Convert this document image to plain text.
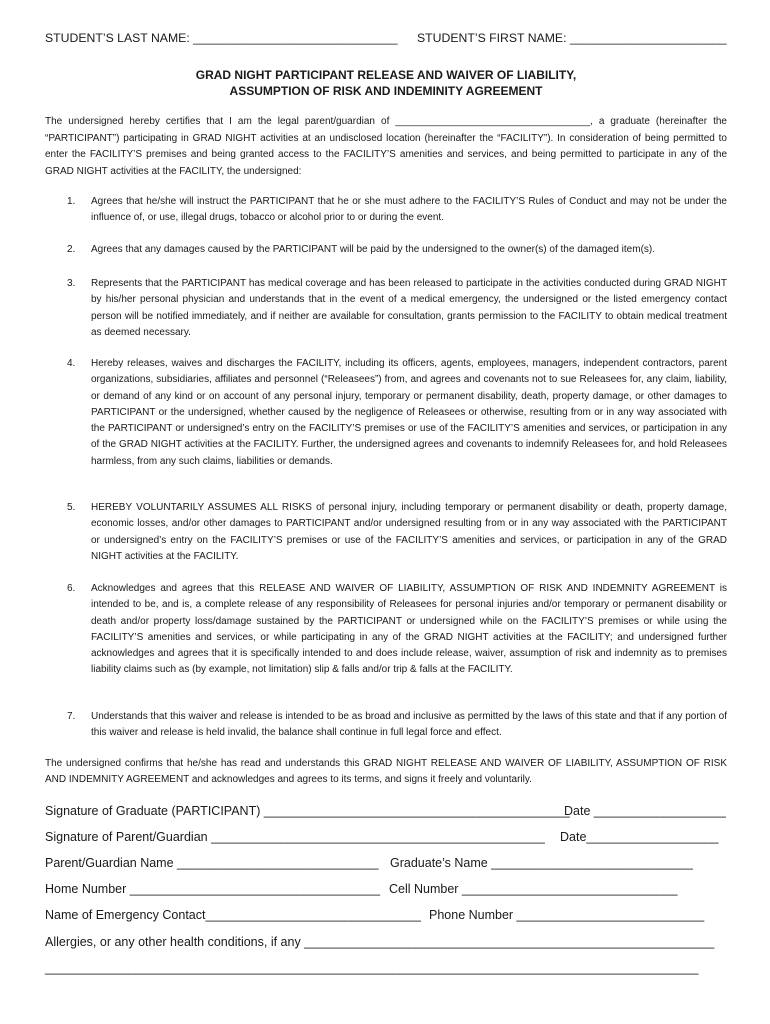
STUDENT’S LAST NAME: ______________________________ STUDENT’S FIRST NAME: _______________________
GRAD NIGHT PARTICIPANT RELEASE AND WAIVER OF LIABILITY,
ASSUMPTION OF RISK AND INDEMINITY AGREEMENT
The undersigned hereby certifies that I am the legal parent/guardian of ___________________________________, a graduate (hereinafter the “PARTICIPANT”) participating in GRAD NIGHT activities at an undisclosed location (hereinafter the “FACILITY”). In consideration of being permitted to enter the FACILITY’S premises and being granted access to the FACILITY’S amenities and services, and being permitted to participate in any of the GRAD NIGHT activities at the FACILITY, the undersigned:
1. Agrees that he/she will instruct the PARTICIPANT that he or she must adhere to the FACILITY’S Rules of Conduct and may not be under the influence of, or use, illegal drugs, tobacco or alcohol prior to or during the event.
2. Agrees that any damages caused by the PARTICIPANT will be paid by the undersigned to the owner(s) of the damaged item(s).
3. Represents that the PARTICIPANT has medical coverage and has been released to participate in the activities conducted during GRAD NIGHT by his/her personal physician and understands that in the event of a medical emergency, the undersigned or the listed emergency contact person will be notified immediately, and if neither are available for consultation, grants permission to the FACILITY to obtain medical treatment as deemed necessary.
4. Hereby releases, waives and discharges the FACILITY, including its officers, agents, employees, managers, independent contractors, parent organizations, subsidiaries, affiliates and personnel (“Releasees”) from, and agrees and covenants not to sue Releasees for, any claim, liability, or demand of any kind or on account of any personal injury, temporary or permanent disability, death, property damage, or other damages to PARTICIPANT or the undersigned, whether caused by the negligence of Releasees or otherwise, resulting from or in any way associated with the PARTICIPANT or undersigned’s entry on the FACILITY’S premises or use of the FACILITY’S amenities and services, or participation in any of the GRAD NIGHT activities at the FACILITY. Further, the undersigned agrees and covenants to indemnify Releasees for, and hold Releasees harmless, from any such claims, liabilities or demands.
5. HEREBY VOLUNTARILY ASSUMES ALL RISKS of personal injury, including temporary or permanent disability or death, property damage, economic losses, and/or other damages to PARTICIPANT and/or undersigned resulting from or in any way associated with the PARTICIPANT or undersigned’s entry on the FACILITY’S premises or use of the FACILITY’S amenities and services, or participation in any of the GRAD NIGHT activities at the FACILITY.
6. Acknowledges and agrees that this RELEASE AND WAIVER OF LIABILITY, ASSUMPTION OF RISK AND INDEMNITY AGREEMENT is intended to be, and is, a complete release of any responsibility of Releasees for personal injuries and/or temporary or permanent disability or death and/or property loss/damage sustained by the PARTICIPANT or undersigned while on the FACILITY’S premises or while using the FACILITY’S amenities and services, or while participating in any of the GRAD NIGHT activities at the FACILITY; and undersigned further acknowledges and agrees that it is specifically intended to and does include release, waiver, assumption of risk and indemnity as to premises liability claims such as (by example, not limitation) slip & falls and/or trip & falls at the FACILITY.
7. Understands that this waiver and release is intended to be as broad and inclusive as permitted by the laws of this state and that if any portion of this waiver and release is held invalid, the balance shall continue in full legal force and effect.
The undersigned confirms that he/she has read and understands this GRAD NIGHT RELEASE AND WAIVER OF LIABILITY, ASSUMPTION OF RISK AND INDEMNITY AGREEMENT and acknowledges and agrees to its terms, and signs it freely and voluntarily.
Signature of Graduate (PARTICIPANT) ____________________________________________
Date ___________________
Signature of Parent/Guardian ________________________________________________ Date___________________
Parent/Guardian Name _____________________________ Graduate’s Name _____________________________
Home Number ____________________________________ Cell Number _______________________________
Name of Emergency Contact_______________________________ Phone Number ___________________________
Allergies, or any other health conditions, if any ___________________________________________________________
______________________________________________________________________________________________
